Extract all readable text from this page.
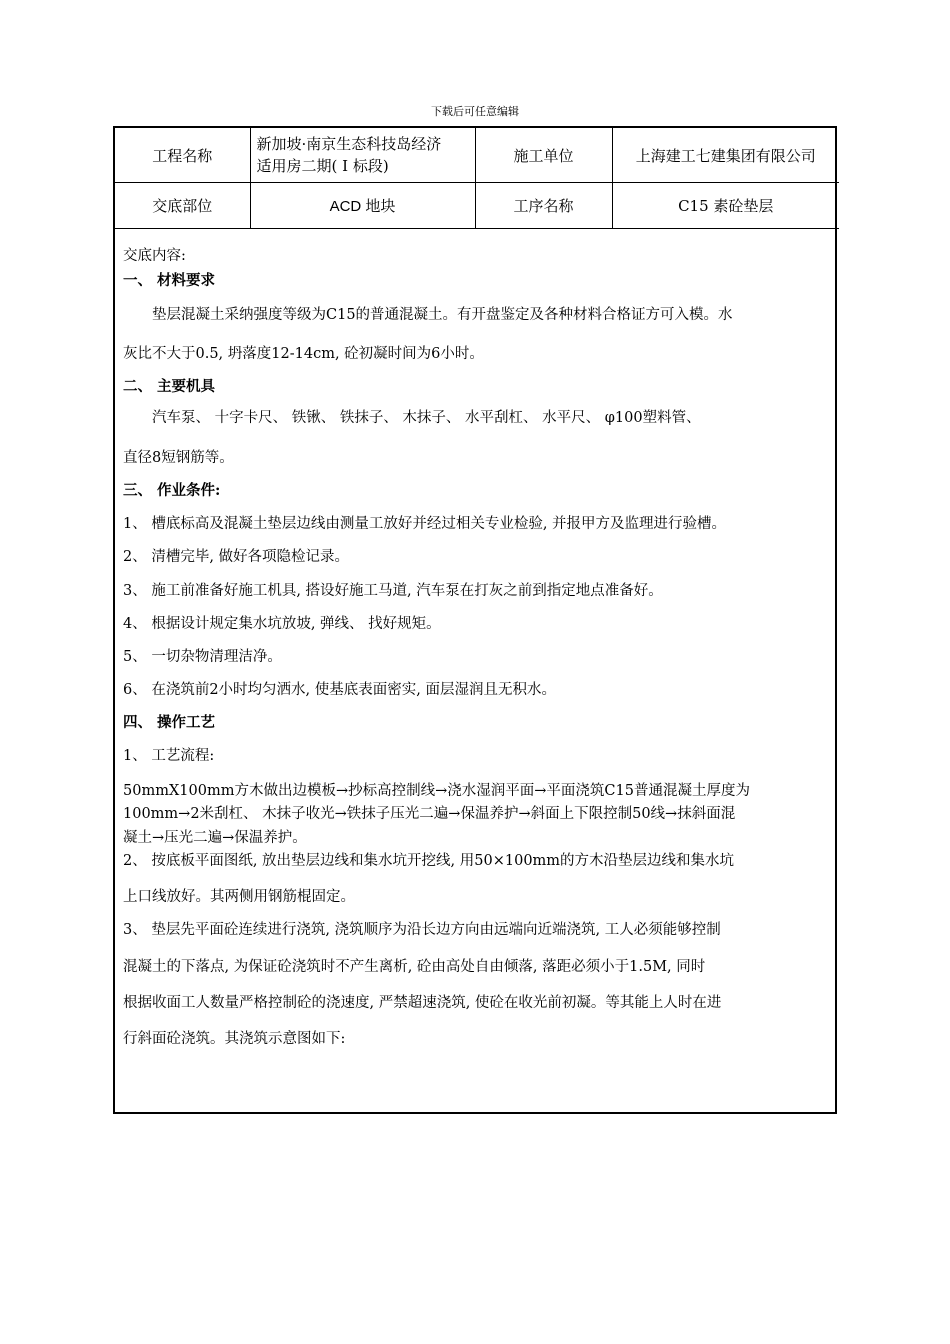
下载后可任意编辑
工程名称	新加坡·南京生态科技岛经济
适用房二期( Ⅰ 标段)	施工单位	上海建工七建集团有限公司
交底部位	ACD 地块	工序名称	C15 素砼垫层
交底内容:
一、 材料要求
　　垫层混凝土采纳强度等级为C15的普通混凝土。有开盘鉴定及各种材料合格证方可入模。水
灰比不大于0.5, 坍落度12-14cm, 砼初凝时间为6小时。
二、 主要机具
　　汽车泵、 十字卡尺、 铁锹、 铁抹子、 木抹子、 水平刮杠、 水平尺、 φ100塑料管、
直径8短钢筋等。
三、 作业条件:
1、 槽底标高及混凝土垫层边线由测量工放好并经过相关专业检验, 并报甲方及监理进行验槽。
2、 清槽完毕, 做好各项隐检记录。
3、 施工前准备好施工机具, 搭设好施工马道, 汽车泵在打灰之前到指定地点准备好。
4、 根据设计规定集水坑放坡, 弹线、 找好规矩。
5、 一切杂物清理洁净。
6、 在浇筑前2小时均匀洒水, 使基底表面密实, 面层湿润且无积水。
四、 操作工艺
1、 工艺流程:
50mmX100mm方木做出边模板→抄标高控制线→浇水湿润平面→平面浇筑C15普通混凝土厚度为
100mm→2米刮杠、 木抹子收光→铁抹子压光二遍→保温养护→斜面上下限控制50线→抹斜面混
凝土→压光二遍→保温养护。
2、 按底板平面图纸, 放出垫层边线和集水坑开挖线, 用50×100mm的方木沿垫层边线和集水坑
上口线放好。其两侧用钢筋棍固定。
3、 垫层先平面砼连续进行浇筑, 浇筑顺序为沿长边方向由远端向近端浇筑, 工人必须能够控制
混凝土的下落点, 为保证砼浇筑时不产生离析, 砼由高处自由倾落, 落距必须小于1.5M, 同时
根据收面工人数量严格控制砼的浇速度, 严禁超速浇筑, 使砼在收光前初凝。等其能上人时在进
行斜面砼浇筑。其浇筑示意图如下:
